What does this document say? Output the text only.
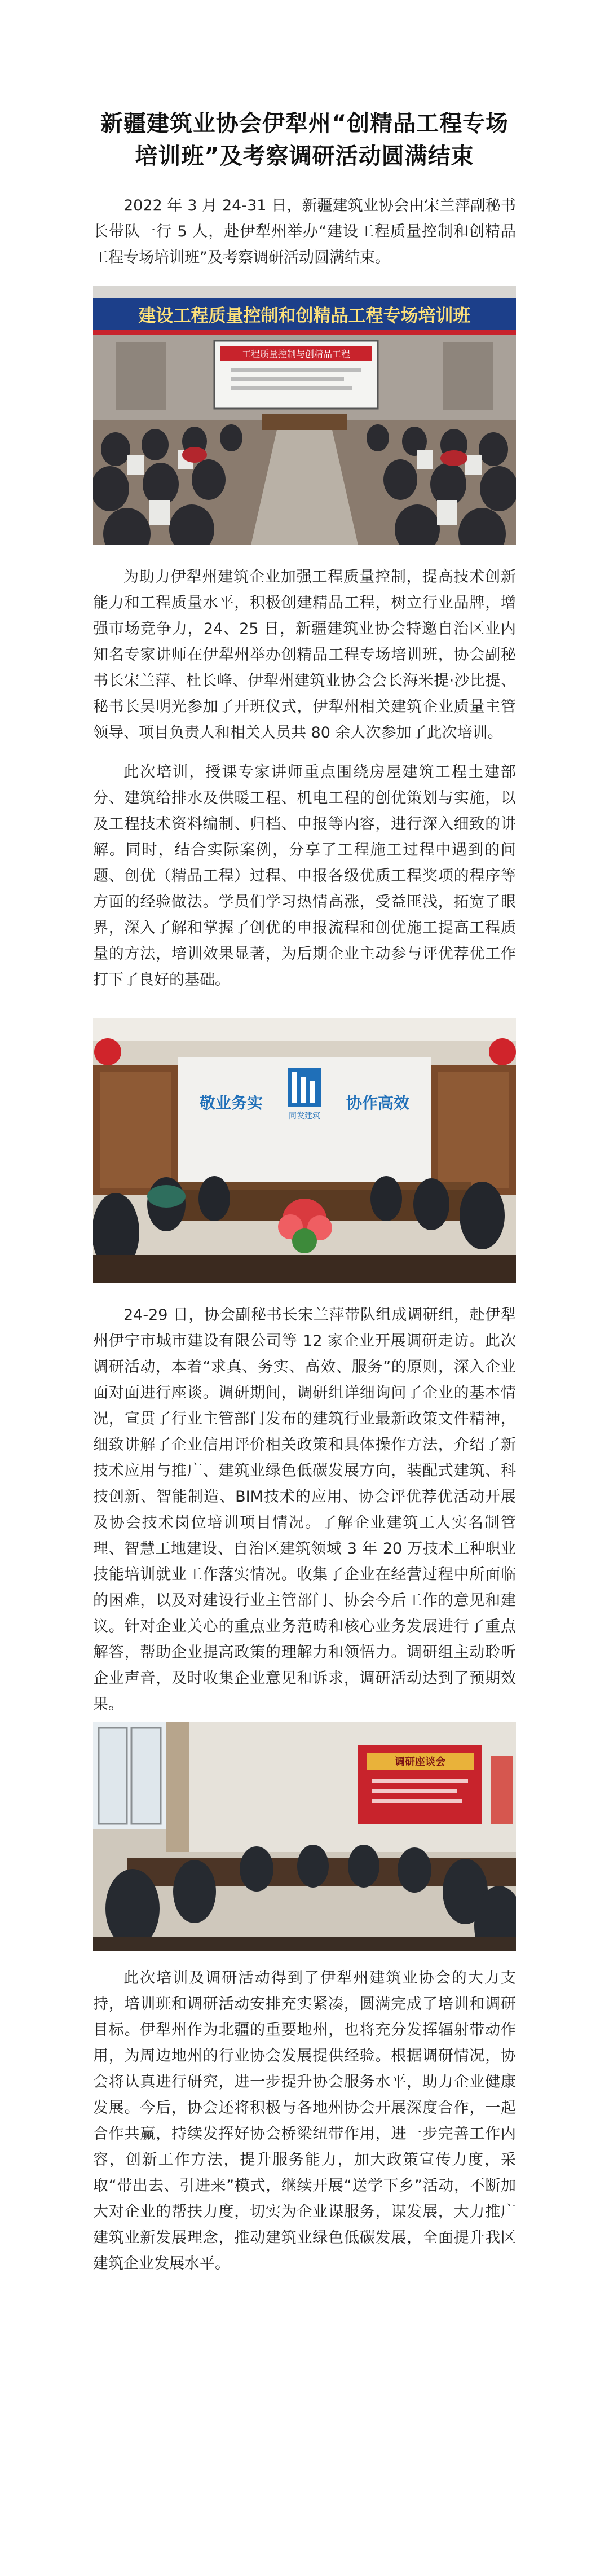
新疆建筑业协会伊犁州“创精品工程专场
培训班”及考察调研活动圆满结束

2022 年 3 月 24-31 日，新疆建筑业协会由宋兰萍副秘书长带队一行 5 人，赴伊犁州举办“建设工程质量控制和创精品工程专场培训班”及考察调研活动圆满结束。

建设工程质量控制和创精品工程专场培训班
工程质量控制与创精品工程

为助力伊犁州建筑企业加强工程质量控制，提高技术创新能力和工程质量水平，积极创建精品工程，树立行业品牌，增强市场竞争力，24、25 日，新疆建筑业协会特邀自治区业内知名专家讲师在伊犁州举办创精品工程专场培训班，协会副秘书长宋兰萍、杜长峰、伊犁州建筑业协会会长海米提·沙比提、秘书长吴明光参加了开班仪式，伊犁州相关建筑企业质量主管领导、项目负责人和相关人员共 80 余人次参加了此次培训。

此次培训，授课专家讲师重点围绕房屋建筑工程土建部分、建筑给排水及供暖工程、机电工程的创优策划与实施，以及工程技术资料编制、归档、申报等内容，进行深入细致的讲解。同时，结合实际案例，分享了工程施工过程中遇到的问题、创优（精品工程）过程、申报各级优质工程奖项的程序等方面的经验做法。学员们学习热情高涨，受益匪浅，拓宽了眼界，深入了解和掌握了创优的申报流程和创优施工提高工程质量的方法，培训效果显著，为后期企业主动参与评优荐优工作打下了良好的基础。

同发建筑
敬业务实	协作高效

24-29 日，协会副秘书长宋兰萍带队组成调研组，赴伊犁州伊宁市城市建设有限公司等 12 家企业开展调研走访。此次调研活动，本着“求真、务实、高效、服务”的原则，深入企业面对面进行座谈。调研期间，调研组详细询问了企业的基本情况，宣贯了行业主管部门发布的建筑行业最新政策文件精神，细致讲解了企业信用评价相关政策和具体操作方法，介绍了新技术应用与推广、建筑业绿色低碳发展方向，装配式建筑、科技创新、智能制造、BIM技术的应用、协会评优荐优活动开展及协会技术岗位培训项目情况。了解企业建筑工人实名制管理、智慧工地建设、自治区建筑领域 3 年 20 万技术工种职业技能培训就业工作落实情况。收集了企业在经营过程中所面临的困难，以及对建设行业主管部门、协会今后工作的意见和建议。针对企业关心的重点业务范畴和核心业务发展进行了重点解答，帮助企业提高政策的理解力和领悟力。调研组主动聆听企业声音，及时收集企业意见和诉求，调研活动达到了预期效果。

调研座谈会

此次培训及调研活动得到了伊犁州建筑业协会的大力支持，培训班和调研活动安排充实紧凑，圆满完成了培训和调研目标。伊犁州作为北疆的重要地州，也将充分发挥辐射带动作用，为周边地州的行业协会发展提供经验。根据调研情况，协会将认真进行研究，进一步提升协会服务水平，助力企业健康发展。今后，协会还将积极与各地州协会开展深度合作，一起合作共赢，持续发挥好协会桥梁纽带作用，进一步完善工作内容，创新工作方法，提升服务能力，加大政策宣传力度，采取“带出去、引进来”模式，继续开展“送学下乡”活动，不断加大对企业的帮扶力度，切实为企业谋服务，谋发展，大力推广建筑业新发展理念，推动建筑业绿色低碳发展，全面提升我区建筑企业发展水平。
